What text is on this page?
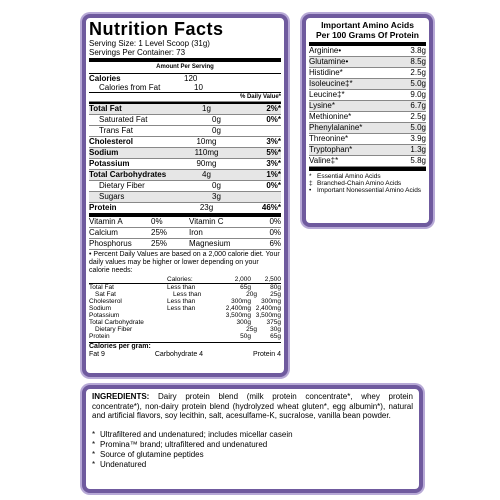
Nutrition Facts
Serving Size: 1 Level Scoop (31g)
Servings Per Container: 73
Amount Per Serving
Calories	120
Calories from Fat	10
% Daily Value*
Total Fat	1g	2%*
Saturated Fat	0g	0%*
Trans Fat	0g
Cholesterol	10mg	3%*
Sodium	110mg	5%*
Potassium	90mg	3%*
Total Carbohydrates	4g	1%*
Dietary Fiber	0g	0%*
Sugars	3g
Protein	23g	46%*
Vitamin A	0%	Vitamin C	0%
Calcium	25%	Iron	0%
Phosphorus	25%	Magnesium	6%
• Percent Daily Values are based on a 2,000 calorie diet. Your daily values may be higher or lower depending on your calorie needs:
Calories:	2,000	2,500
Total Fat	Less than	65g	80g
Sat Fat	Less than	20g	25g
Cholesterol	Less than	300mg	300mg
Sodium	Less than	2,400mg 2,400mg
Potassium	3,500mg 3,500mg
Total Carbohydrate	300g	375g
Dietary Fiber	25g	30g
Protein	50g	65g
Calories per gram:
Fat 9	Carbohydrate 4	Protein 4
Important Amino Acids
Per 100 Grams Of Protein
Arginine•	3.8g
Glutamine•	8.5g
Histidine*	2.5g
Isoleucine‡*	5.0g
Leucine‡*	9.0g
Lysine*	6.7g
Methionine*	2.5g
Phenylalanine*	5.0g
Threonine*	3.9g
Tryptophan*	1.3g
Valine‡*	5.8g
* Essential Amino Acids
‡ Branched-Chain Amino Acids
• Important Nonessential Amino Acids
INGREDIENTS: Dairy protein blend (milk protein concentrate*, whey protein concentrate*), non-dairy protein blend (hydrolyzed wheat gluten*, egg albumin*), natural and artificial flavors, soy lecithin, salt, acesulfame-K, sucralose, vanilla bean powder.
* Ultrafiltered and undenatured; includes micellar casein
* Promina™ brand; ultrafiltered and undenatured
* Source of glutamine peptides
* Undenatured
